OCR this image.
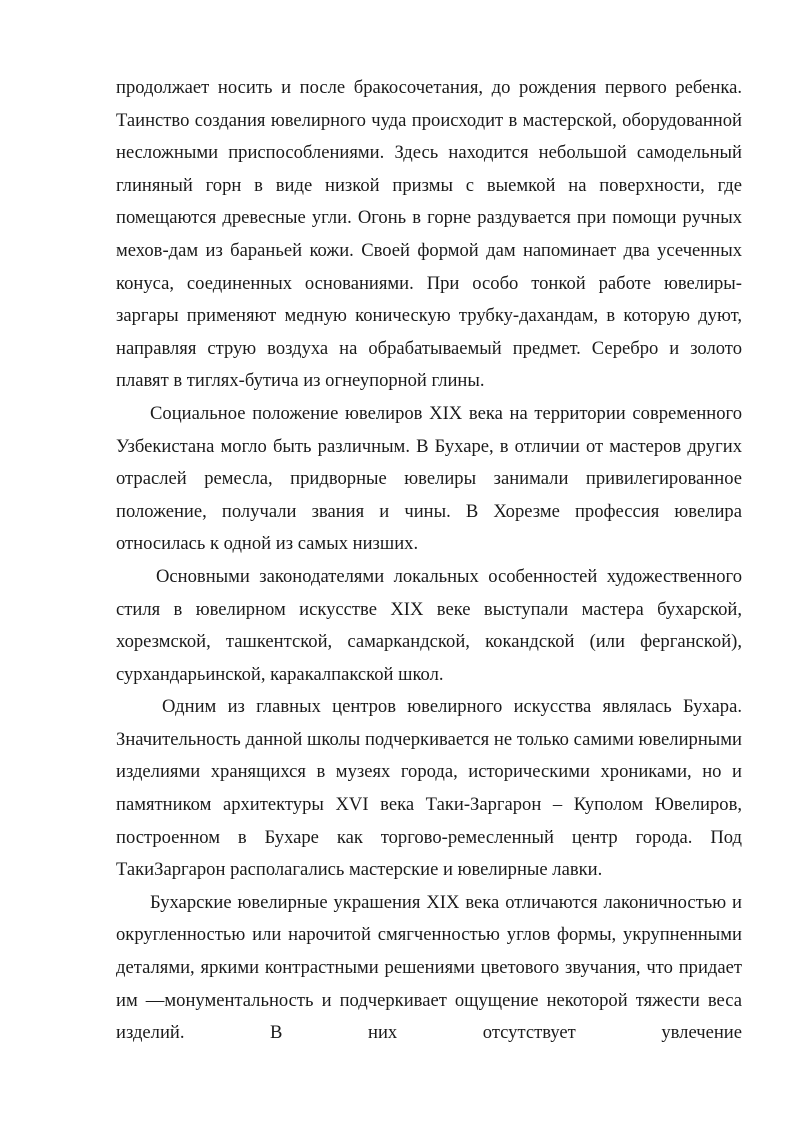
продолжает носить и после бракосочетания, до рождения первого ребенка. Таинство создания ювелирного чуда происходит в мастерской, оборудованной несложными приспособлениями. Здесь находится небольшой самодельный глиняный горн в виде низкой призмы с выемкой на поверхности, где помещаются древесные угли. Огонь в горне раздувается при помощи ручных мехов-дам из бараньей кожи. Своей формой дам напоминает два усеченных конуса, соединенных основаниями. При особо тонкой работе ювелиры-заргары применяют медную коническую трубку-дахандам, в которую дуют, направляя струю воздуха на обрабатываемый предмет. Серебро и золото плавят в тиглях-бутича из огнеупорной глины.

Социальное положение ювелиров XIX века на территории современного Узбекистана могло быть различным. В Бухаре, в отличии от мастеров других отраслей ремесла, придворные ювелиры занимали привилегированное положение, получали звания и чины. В Хорезме профессия ювелира относилась к одной из самых низших.

Основными законодателями локальных особенностей художественного стиля в ювелирном искусстве XIX веке выступали мастера бухарской, хорезмской, ташкентской, самаркандской, кокандской (или ферганской), сурхандарьинской, каракалпакской школ.

Одним из главных центров ювелирного искусства являлась Бухара. Значительность данной школы подчеркивается не только самими ювелирными изделиями хранящихся в музеях города, историческими хрониками, но и памятником архитектуры XVI века Таки-Заргарон – Куполом Ювелиров, построенном в Бухаре как торгово-ремесленный центр города. Под ТакиЗаргарон располагались мастерские и ювелирные лавки.

Бухарские ювелирные украшения XIX века отличаются лаконичностью и округленностью или нарочитой смягченностью углов формы, укрупненными деталями, яркими контрастными решениями цветового звучания, что придает им ―монументальность и подчеркивает ощущение некоторой тяжести веса изделий. В них отсутствует увлечение
